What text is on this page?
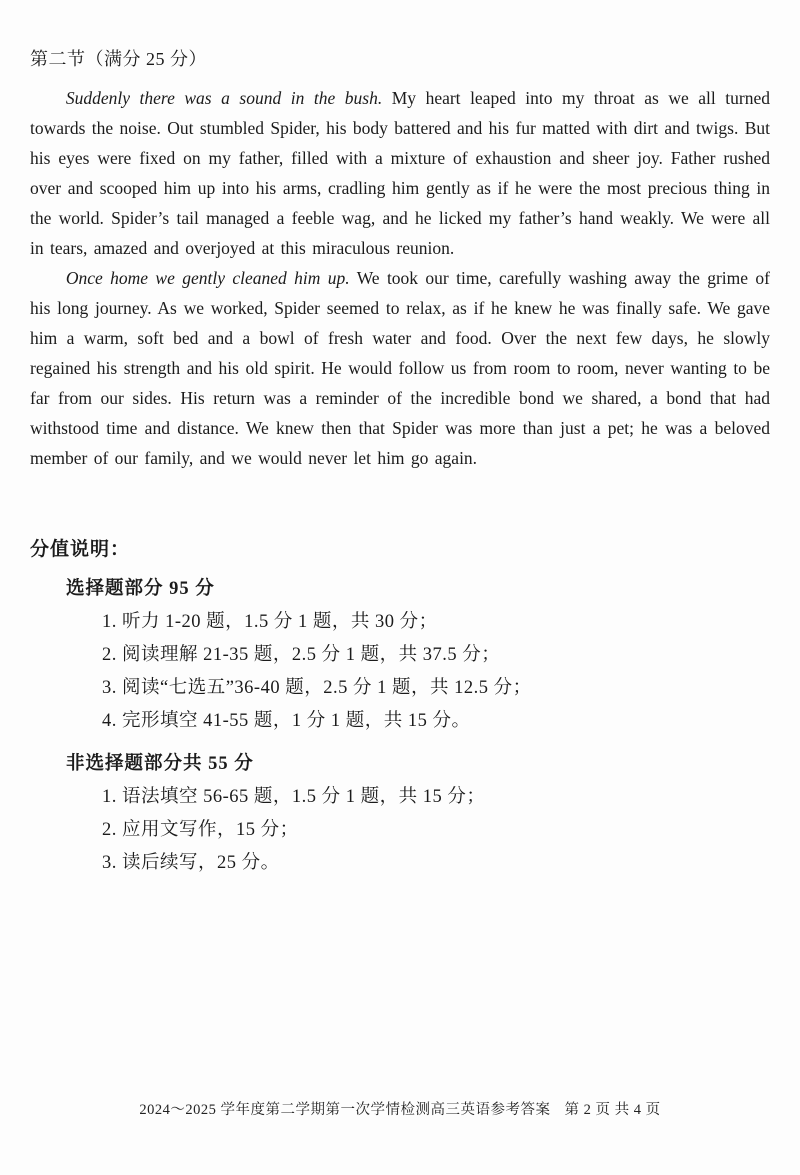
第二节（满分 25 分）

Suddenly there was a sound in the bush. My heart leaped into my throat as we all turned towards the noise. Out stumbled Spider, his body battered and his fur matted with dirt and twigs. But his eyes were fixed on my father, filled with a mixture of exhaustion and sheer joy. Father rushed over and scooped him up into his arms, cradling him gently as if he were the most precious thing in the world. Spider’s tail managed a feeble wag, and he licked my father’s hand weakly. We were all in tears, amazed and overjoyed at this miraculous reunion.

Once home we gently cleaned him up. We took our time, carefully washing away the grime of his long journey. As we worked, Spider seemed to relax, as if he knew he was finally safe. We gave him a warm, soft bed and a bowl of fresh water and food. Over the next few days, he slowly regained his strength and his old spirit. He would follow us from room to room, never wanting to be far from our sides. His return was a reminder of the incredible bond we shared, a bond that had withstood time and distance. We knew then that Spider was more than just a pet; he was a beloved member of our family, and we would never let him go again.

分值说明：
选择题部分 95 分
1. 听力 1-20 题，1.5 分 1 题，共 30 分；
2. 阅读理解 21-35 题，2.5 分 1 题，共 37.5 分；
3. 阅读“七选五”36-40 题，2.5 分 1 题，共 12.5 分；
4. 完形填空 41-55 题，1 分 1 题，共 15 分。
非选择题部分共 55 分
1. 语法填空 56-65 题，1.5 分 1 题，共 15 分；
2. 应用文写作，15 分；
3. 读后续写，25 分。
2024～2025 学年度第二学期第一次学情检测高三英语参考答案 第 2 页 共 4 页
